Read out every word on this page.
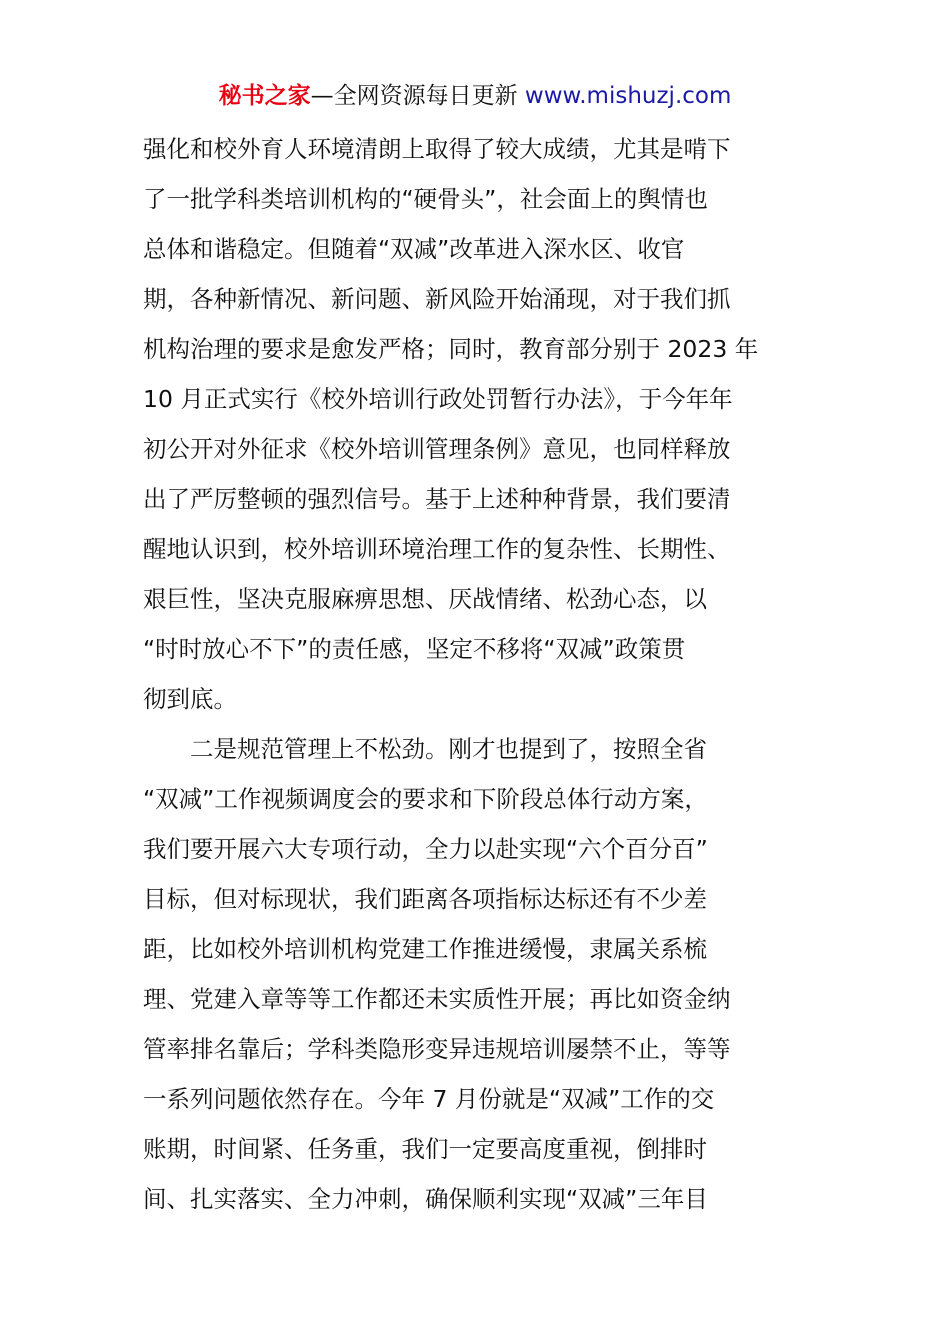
秘书之家—全网资源每日更新 www.mishuzj.com
强化和校外育人环境清朗上取得了较大成绩，尤其是啃下
了一批学科类培训机构的“硬骨头”，社会面上的舆情也
总体和谐稳定。但随着“双减”改革进入深水区、收官
期，各种新情况、新问题、新风险开始涌现，对于我们抓
机构治理的要求是愈发严格；同时，教育部分别于 2023 年
10 月正式实行《校外培训行政处罚暂行办法》，于今年年
初公开对外征求《校外培训管理条例》意见，也同样释放
出了严厉整顿的强烈信号。基于上述种种背景，我们要清
醒地认识到，校外培训环境治理工作的复杂性、长期性、
艰巨性，坚决克服麻痹思想、厌战情绪、松劲心态，以
“时时放心不下”的责任感，坚定不移将“双减”政策贯
彻到底。
　　二是规范管理上不松劲。刚才也提到了，按照全省
“双减”工作视频调度会的要求和下阶段总体行动方案，
我们要开展六大专项行动，全力以赴实现“六个百分百”
目标，但对标现状，我们距离各项指标达标还有不少差
距，比如校外培训机构党建工作推进缓慢，隶属关系梳
理、党建入章等等工作都还未实质性开展；再比如资金纳
管率排名靠后；学科类隐形变异违规培训屡禁不止，等等
一系列问题依然存在。今年 7 月份就是“双减”工作的交
账期，时间紧、任务重，我们一定要高度重视，倒排时
间、扎实落实、全力冲刺，确保顺利实现“双减”三年目
